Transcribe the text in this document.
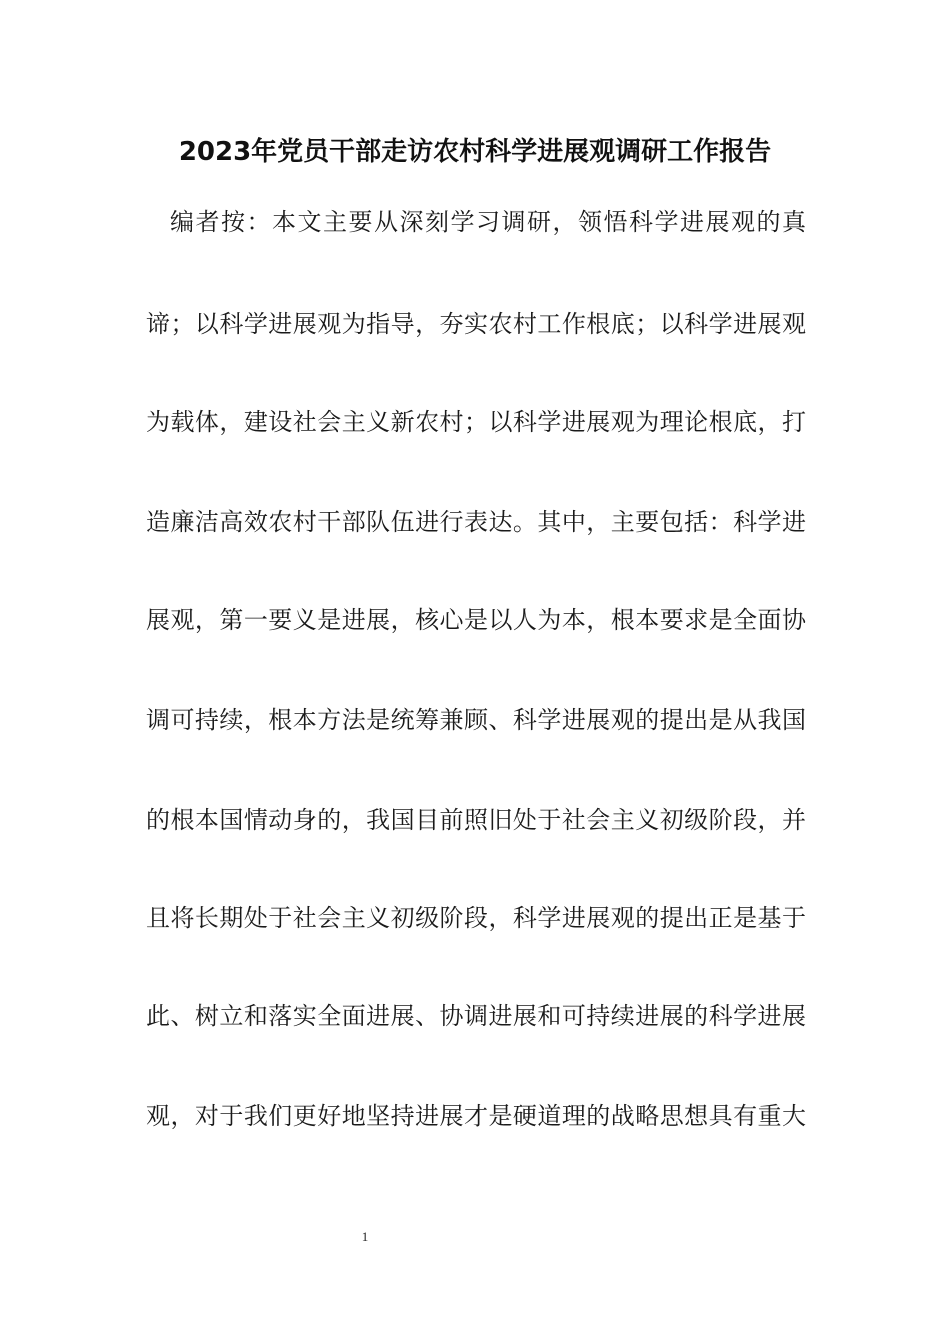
2023年党员干部走访农村科学进展观调研工作报告
编者按：本文主要从深刻学习调研，领悟科学进展观的真
谛；以科学进展观为指导，夯实农村工作根底；以科学进展观
为载体，建设社会主义新农村；以科学进展观为理论根底，打
造廉洁高效农村干部队伍进行表达。其中，主要包括：科学进
展观，第一要义是进展，核心是以人为本，根本要求是全面协
调可持续，根本方法是统筹兼顾、科学进展观的提出是从我国
的根本国情动身的，我国目前照旧处于社会主义初级阶段，并
且将长期处于社会主义初级阶段，科学进展观的提出正是基于
此、树立和落实全面进展、协调进展和可持续进展的科学进展
观，对于我们更好地坚持进展才是硬道理的战略思想具有重大
1
